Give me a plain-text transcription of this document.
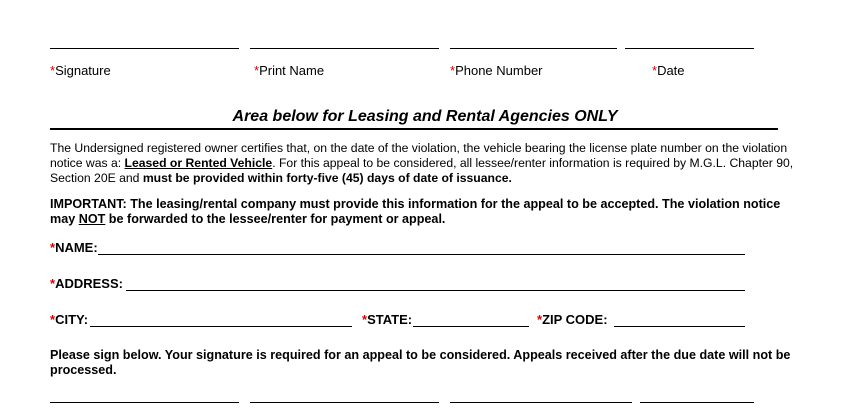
*Signature	*Print Name	*Phone Number	*Date
Area below for Leasing and Rental Agencies ONLY
The Undersigned registered owner certifies that, on the date of the violation, the vehicle bearing the license plate number on the violation notice was a: Leased or Rented Vehicle. For this appeal to be considered, all lessee/renter information is required by M.G.L. Chapter 90, Section 20E and must be provided within forty-five (45) days of date of issuance.
IMPORTANT: The leasing/rental company must provide this information for the appeal to be accepted. The violation notice may NOT be forwarded to the lessee/renter for payment or appeal.
*NAME:
*ADDRESS:
*CITY:	*STATE:	*ZIP CODE:
Please sign below. Your signature is required for an appeal to be considered. Appeals received after the due date will not be processed.
